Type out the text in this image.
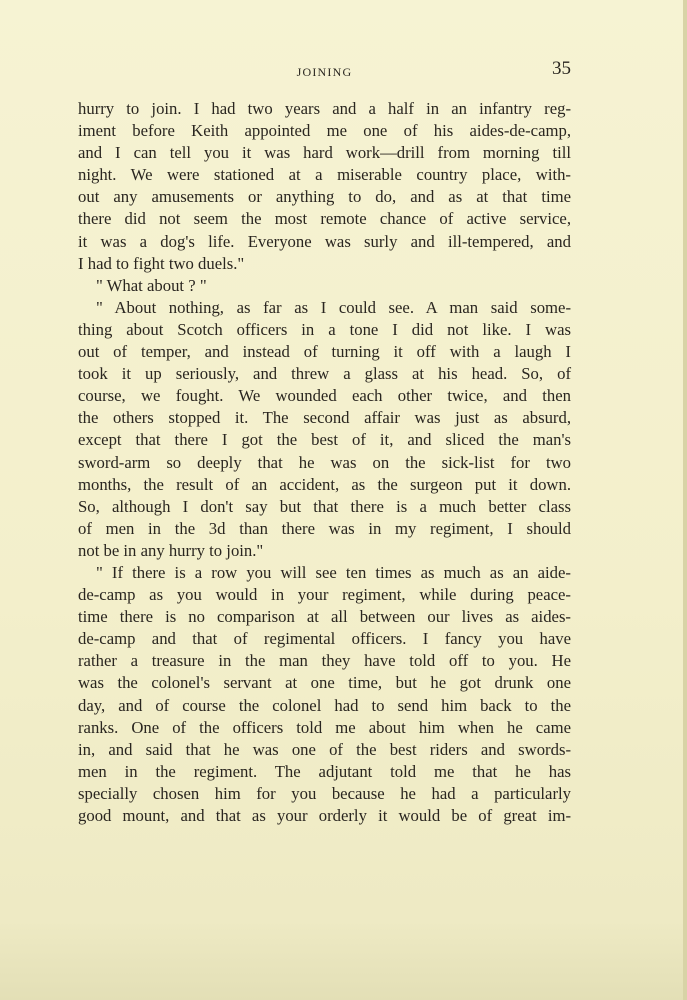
JOINING	35
hurry to join. I had two years and a half in an infantry reg-
iment before Keith appointed me one of his aides-de-camp,
and I can tell you it was hard work—drill from morning till
night. We were stationed at a miserable country place, with-
out any amusements or anything to do, and as at that time
there did not seem the most remote chance of active service,
it was a dog's life. Everyone was surly and ill-tempered, and
I had to fight two duels."
" What about ? "
" About nothing, as far as I could see. A man said some-
thing about Scotch officers in a tone I did not like. I was
out of temper, and instead of turning it off with a laugh I
took it up seriously, and threw a glass at his head. So, of
course, we fought. We wounded each other twice, and then
the others stopped it. The second affair was just as absurd,
except that there I got the best of it, and sliced the man's
sword-arm so deeply that he was on the sick-list for two
months, the result of an accident, as the surgeon put it down.
So, although I don't say but that there is a much better class
of men in the 3d than there was in my regiment, I should
not be in any hurry to join."
" If there is a row you will see ten times as much as an aide-
de-camp as you would in your regiment, while during peace-
time there is no comparison at all between our lives as aides-
de-camp and that of regimental officers. I fancy you have
rather a treasure in the man they have told off to you. He
was the colonel's servant at one time, but he got drunk one
day, and of course the colonel had to send him back to the
ranks. One of the officers told me about him when he came
in, and said that he was one of the best riders and swords-
men in the regiment. The adjutant told me that he has
specially chosen him for you because he had a particularly
good mount, and that as your orderly it would be of great im-
